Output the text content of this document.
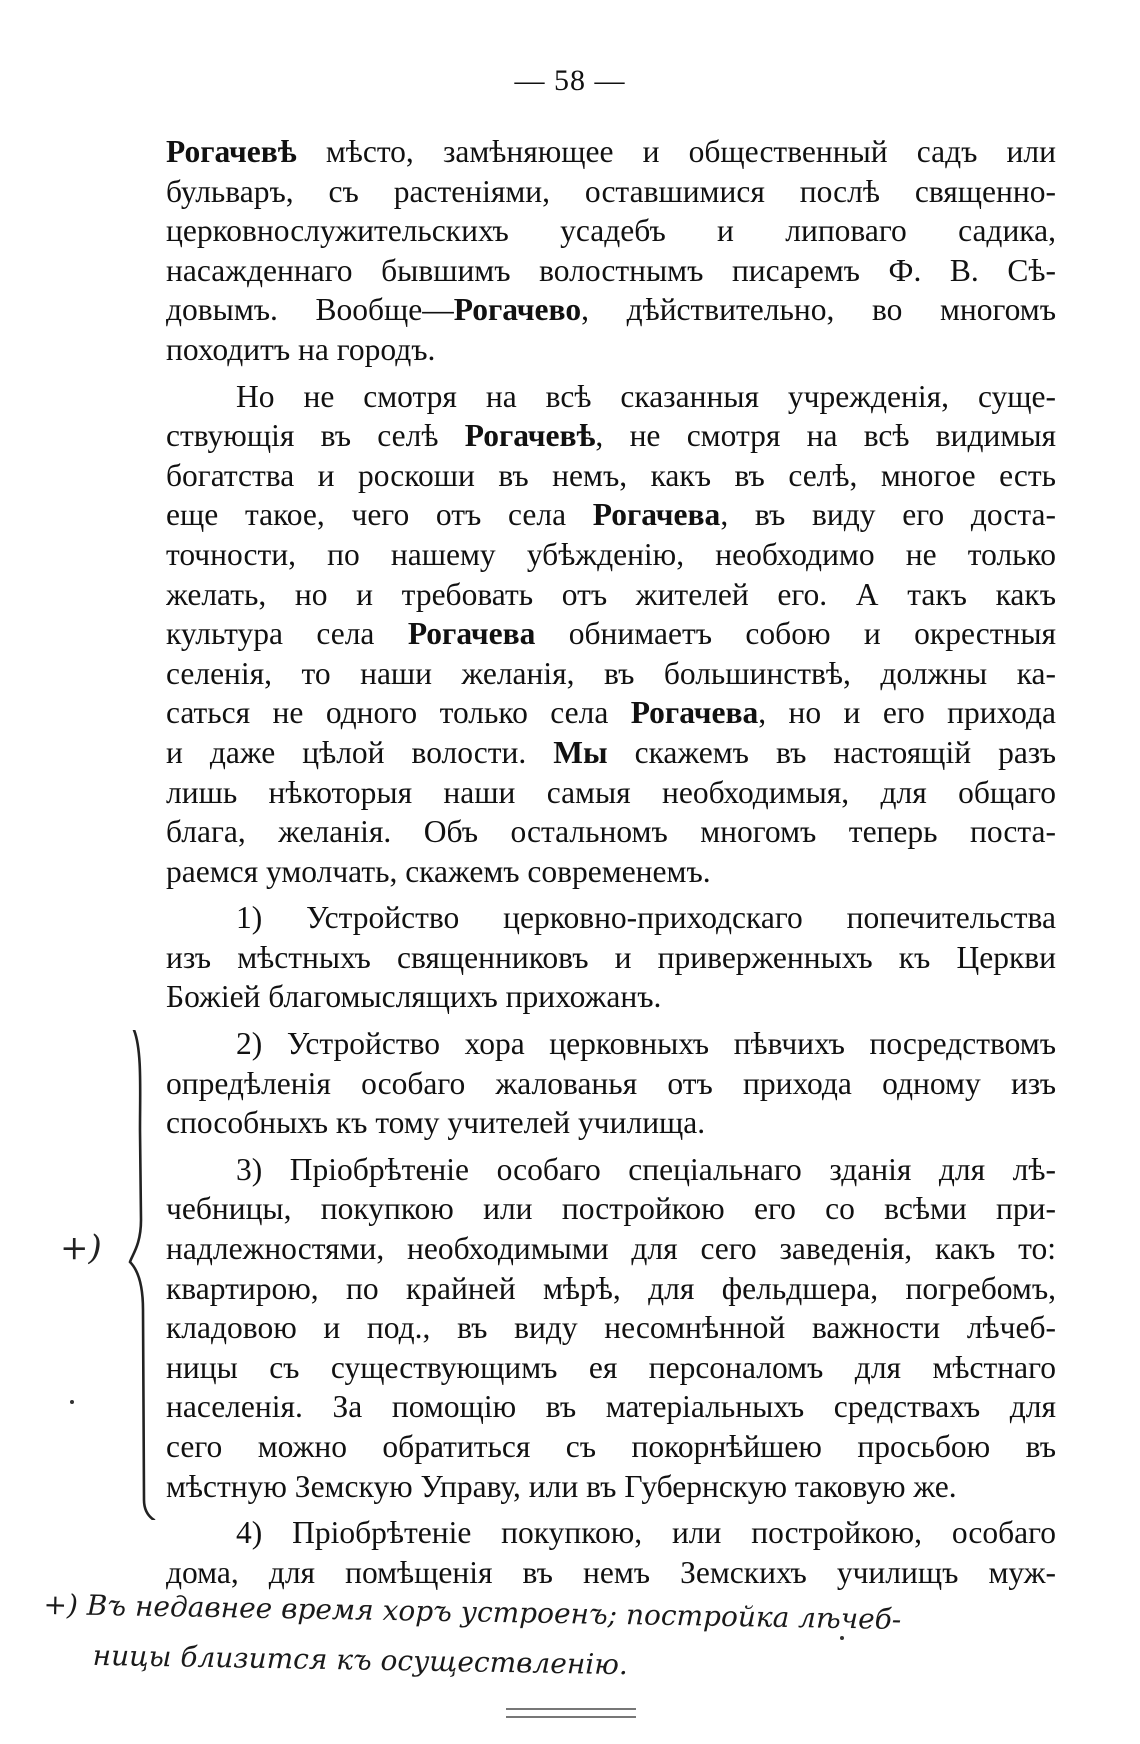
— 58 —
Рогачевѣ мѣсто, замѣняющее и общественный садъ или
бульваръ, съ растеніями, оставшимися послѣ священно-
церковнослужительскихъ усадебъ и липоваго садика,
насажденнаго бывшимъ волостнымъ писаремъ Ф. В. Сѣ-
довымъ. Вообще—Рогачево, дѣйствительно, во многомъ
походитъ на городъ.
Но не смотря на всѣ сказанныя учрежденія, суще-
ствующія въ селѣ Рогачевѣ, не смотря на всѣ видимыя
богатства и роскоши въ немъ, какъ въ селѣ, многое есть
еще такое, чего отъ села Рогачева, въ виду его доста-
точности, по нашему убѣжденію, необходимо не только
желать, но и требовать отъ жителей его. А такъ какъ
культура села Рогачева обнимаетъ собою и окрестныя
селенія, то наши желанія, въ большинствѣ, должны ка-
саться не одного только села Рогачева, но и его прихода
и даже цѣлой волости. Мы скажемъ въ настоящій разъ
лишь нѣкоторыя наши самыя необходимыя, для общаго
блага, желанія. Объ остальномъ многомъ теперь поста-
раемся умолчать, скажемъ современемъ.
1) Устройство церковно-приходскаго попечительства
изъ мѣстныхъ священниковъ и приверженныхъ къ Церкви
Божіей благомыслящихъ прихожанъ.
2) Устройство хора церковныхъ пѣвчихъ посредствомъ
опредѣленія особаго жалованья отъ прихода одному изъ
способныхъ къ тому учителей училища.
3) Пріобрѣтеніе особаго спеціальнаго зданія для лѣ-
чебницы, покупкою или постройкою его со всѣми при-
надлежностями, необходимыми для сего заведенія, какъ то:
квартирою, по крайней мѣрѣ, для фельдшера, погребомъ,
кладовою и под., въ виду несомнѣнной важности лѣчеб-
ницы съ существующимъ ея персоналомъ для мѣстнаго
населенія. За помощію въ матеріальныхъ средствахъ для
сего можно обратиться съ покорнѣйшею просьбою въ
мѣстную Земскую Управу, или въ Губернскую таковую же.
4) Пріобрѣтеніе покупкою, или постройкою, особаго
дома, для помѣщенія въ немъ Земскихъ училищъ муж-
+)
+) Въ недавнее время хоръ устроенъ; постройка лѣчеб-
ницы близится къ осуществленію.
